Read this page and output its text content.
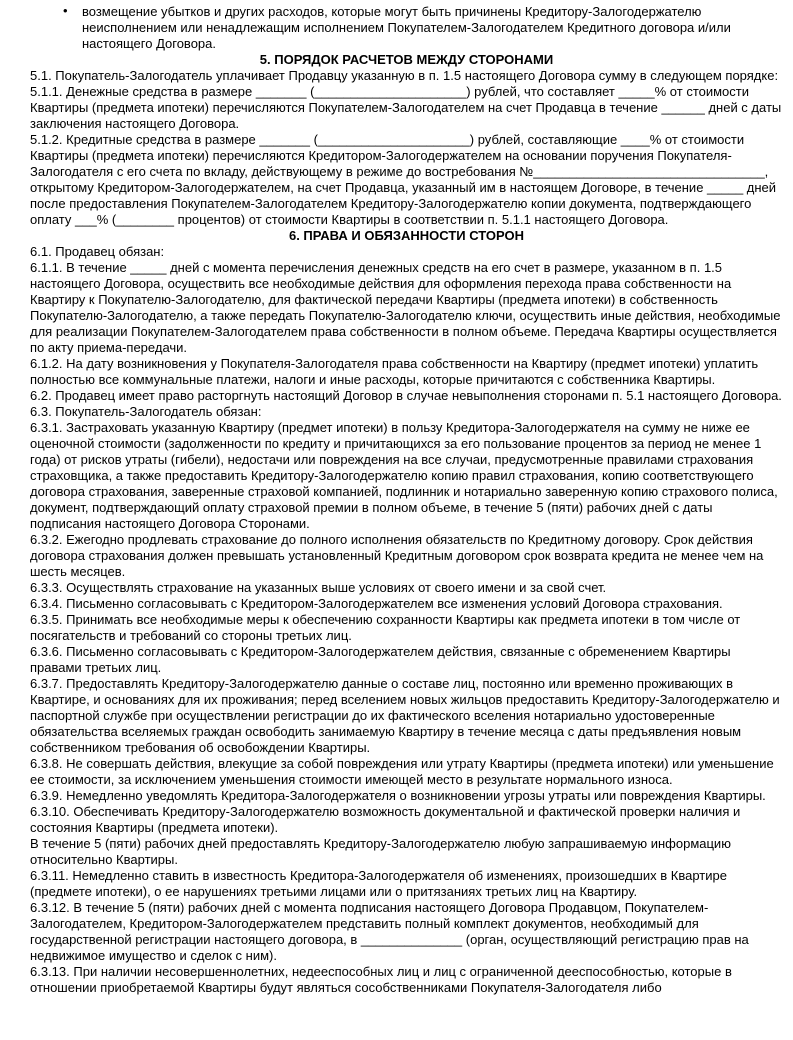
• возмещение убытков и других расходов, которые могут быть причинены Кредитору-Залогодержателю неисполнением или ненадлежащим исполнением Покупателем-Залогодателем Кредитного договора и/или настоящего Договора.
5. ПОРЯДОК РАСЧЕТОВ МЕЖДУ СТОРОНАМИ
5.1. Покупатель-Залогодатель уплачивает Продавцу указанную в п. 1.5 настоящего Договора сумму в следующем порядке:
5.1.1. Денежные средства в размере _______ (_____________________) рублей, что составляет _____% от стоимости Квартиры (предмета ипотеки) перечисляются Покупателем-Залогодателем на счет Продавца в течение ______ дней с даты заключения настоящего Договора.
5.1.2. Кредитные средства в размере _______ (_____________________) рублей, составляющие ____% от стоимости Квартиры (предмета ипотеки) перечисляются Кредитором-Залогодержателем на основании поручения Покупателя-Залогодателя с его счета по вкладу, действующему в режиме до востребования №________________________________, открытому Кредитором-Залогодержателем, на счет Продавца, указанный им в настоящем Договоре, в течение _____ дней после предоставления Покупателем-Залогодателем Кредитору-Залогодержателю копии документа, подтверждающего оплату ___% (________ процентов) от стоимости Квартиры в соответствии п. 5.1.1 настоящего Договора.
6. ПРАВА И ОБЯЗАННОСТИ СТОРОН
6.1. Продавец обязан:
6.1.1. В течение _____ дней с момента перечисления денежных средств на его счет в размере, указанном в п. 1.5 настоящего Договора, осуществить все необходимые действия для оформления перехода права собственности на Квартиру к Покупателю-Залогодателю, для фактической передачи Квартиры (предмета ипотеки) в собственность Покупателю-Залогодателю, а также передать Покупателю-Залогодателю ключи, осуществить иные действия, необходимые для реализации Покупателем-Залогодателем права собственности в полном объеме. Передача Квартиры осуществляется по акту приема-передачи.
6.1.2. На дату возникновения у Покупателя-Залогодателя права собственности на Квартиру (предмет ипотеки) уплатить полностью все коммунальные платежи, налоги и иные расходы, которые причитаются с собственника Квартиры.
6.2. Продавец имеет право расторгнуть настоящий Договор в случае невыполнения сторонами п. 5.1 настоящего Договора.
6.3. Покупатель-Залогодатель обязан:
6.3.1. Застраховать указанную Квартиру (предмет ипотеки) в пользу Кредитора-Залогодержателя на сумму не ниже ее оценочной стоимости (задолженности по кредиту и причитающихся за его пользование процентов за период не менее 1 года) от рисков утраты (гибели), недостачи или повреждения на все случаи, предусмотренные правилами страхования страховщика, а также предоставить Кредитору-Залогодержателю копию правил страхования, копию соответствующего договора страхования, заверенные страховой компанией, подлинник и нотариально заверенную копию страхового полиса, документ, подтверждающий оплату страховой премии в полном объеме, в течение 5 (пяти) рабочих дней с даты подписания настоящего Договора Сторонами.
6.3.2. Ежегодно продлевать страхование до полного исполнения обязательств по Кредитному договору. Срок действия договора страхования должен превышать установленный Кредитным договором срок возврата кредита не менее чем на шесть месяцев.
6.3.3. Осуществлять страхование на указанных выше условиях от своего имени и за свой счет.
6.3.4. Письменно согласовывать с Кредитором-Залогодержателем все изменения условий Договора страхования.
6.3.5. Принимать все необходимые меры к обеспечению сохранности Квартиры как предмета ипотеки в том числе от посягательств и требований со стороны третьих лиц.
6.3.6. Письменно согласовывать с Кредитором-Залогодержателем действия, связанные с обременением Квартиры правами третьих лиц.
6.3.7. Предоставлять Кредитору-Залогодержателю данные о составе лиц, постоянно или временно проживающих в Квартире, и основаниях для их проживания; перед вселением новых жильцов предоставить Кредитору-Залогодержателю и паспортной службе при осуществлении регистрации до их фактического вселения нотариально удостоверенные обязательства вселяемых граждан освободить занимаемую Квартиру в течение месяца с даты предъявления новым собственником требования об освобождении Квартиры.
6.3.8. Не совершать действия, влекущие за собой повреждения или утрату Квартиры (предмета ипотеки) или уменьшение ее стоимости, за исключением уменьшения стоимости имеющей место в результате нормального износа.
6.3.9. Немедленно уведомлять Кредитора-Залогодержателя о возникновении угрозы утраты или повреждения Квартиры.
6.3.10. Обеспечивать Кредитору-Залогодержателю возможность документальной и фактической проверки наличия и состояния Квартиры (предмета ипотеки).
В течение 5 (пяти) рабочих дней предоставлять Кредитору-Залогодержателю любую запрашиваемую информацию относительно Квартиры.
6.3.11. Немедленно ставить в известность Кредитора-Залогодержателя об изменениях, произошедших в Квартире (предмете ипотеки), о ее нарушениях третьими лицами или о притязаниях третьих лиц на Квартиру.
6.3.12. В течение 5 (пяти) рабочих дней с момента подписания настоящего Договора Продавцом, Покупателем-Залогодателем, Кредитором-Залогодержателем представить полный комплект документов, необходимый для государственной регистрации настоящего договора, в ______________ (орган, осуществляющий регистрацию прав на недвижимое имущество и сделок с ним).
6.3.13. При наличии несовершеннолетних, недееспособных лиц и лиц с ограниченной дееспособностью, которые в отношении приобретаемой Квартиры будут являться сособственниками Покупателя-Залогодателя либо
